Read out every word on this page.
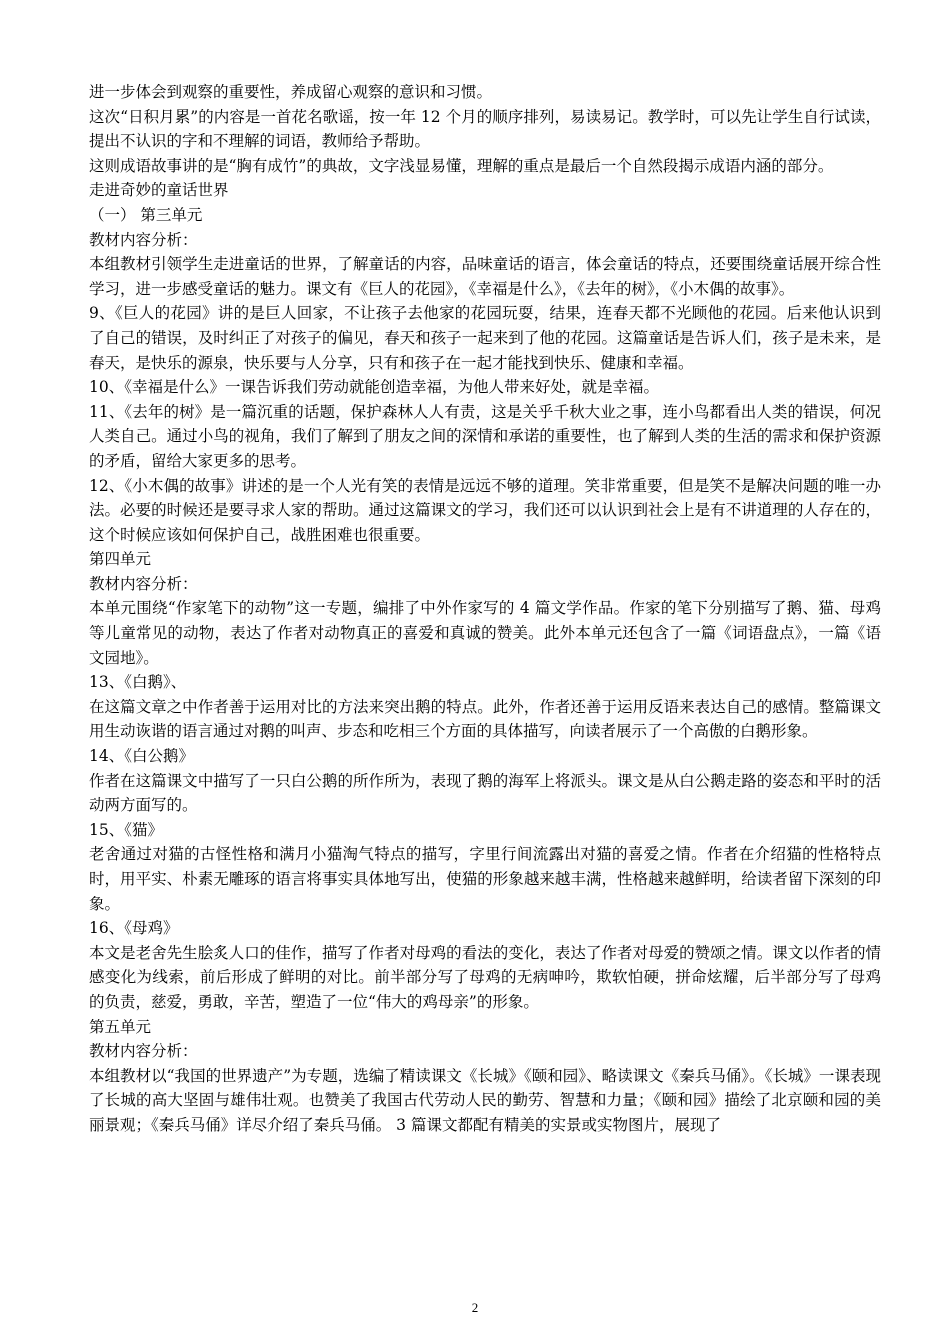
进一步体会到观察的重要性，养成留心观察的意识和习惯。

这次“日积月累”的内容是一首花名歌谣，按一年 12 个月的顺序排列，易读易记。教学时，可以先让学生自行试读，提出不认识的字和不理解的词语，教师给予帮助。

这则成语故事讲的是“胸有成竹”的典故，文字浅显易懂，理解的重点是最后一个自然段揭示成语内涵的部分。

走进奇妙的童话世界

（一） 第三单元

教材内容分析：

本组教材引领学生走进童话的世界，了解童话的内容，品味童话的语言，体会童话的特点，还要围绕童话展开综合性学习，进一步感受童话的魅力。课文有《巨人的花园》，《幸福是什么》，《去年的树》，《小木偶的故事》。

9、《巨人的花园》讲的是巨人回家，不让孩子去他家的花园玩耍，结果，连春天都不光顾他的花园。后来他认识到了自己的错误，及时纠正了对孩子的偏见，春天和孩子一起来到了他的花园。这篇童话是告诉人们，孩子是未来，是春天，是快乐的源泉，快乐要与人分享，只有和孩子在一起才能找到快乐、健康和幸福。

10、《幸福是什么》一课告诉我们劳动就能创造幸福，为他人带来好处，就是幸福。

11、《去年的树》是一篇沉重的话题，保护森林人人有责，这是关乎千秋大业之事，连小鸟都看出人类的错误，何况人类自己。通过小鸟的视角，我们了解到了朋友之间的深情和承诺的重要性，也了解到人类的生活的需求和保护资源的矛盾，留给大家更多的思考。

12、《小木偶的故事》讲述的是一个人光有笑的表情是远远不够的道理。笑非常重要，但是笑不是解决问题的唯一办法。必要的时候还是要寻求人家的帮助。通过这篇课文的学习，我们还可以认识到社会上是有不讲道理的人存在的，这个时候应该如何保护自己，战胜困难也很重要。

第四单元

教材内容分析：

本单元围绕“作家笔下的动物”这一专题，编排了中外作家写的 4 篇文学作品。作家的笔下分别描写了鹅、猫、母鸡等儿童常见的动物，表达了作者对动物真正的喜爱和真诚的赞美。此外本单元还包含了一篇《词语盘点》，一篇《语文园地》。

13、《白鹅》、

在这篇文章之中作者善于运用对比的方法来突出鹅的特点。此外，作者还善于运用反语来表达自己的感情。整篇课文用生动诙谐的语言通过对鹅的叫声、步态和吃相三个方面的具体描写，向读者展示了一个高傲的白鹅形象。

14、《白公鹅》

作者在这篇课文中描写了一只白公鹅的所作所为，表现了鹅的海军上将派头。课文是从白公鹅走路的姿态和平时的活动两方面写的。

15、《猫》

老舍通过对猫的古怪性格和满月小猫淘气特点的描写，字里行间流露出对猫的喜爱之情。作者在介绍猫的性格特点时，用平实、朴素无雕琢的语言将事实具体地写出，使猫的形象越来越丰满，性格越来越鲜明，给读者留下深刻的印象。

16、《母鸡》

本文是老舍先生脍炙人口的佳作，描写了作者对母鸡的看法的变化，表达了作者对母爱的赞颂之情。课文以作者的情感变化为线索，前后形成了鲜明的对比。前半部分写了母鸡的无病呻吟，欺软怕硬，拼命炫耀，后半部分写了母鸡 的负责，慈爱，勇敢，辛苦，塑造了一位“伟大的鸡母亲”的形象。

第五单元

教材内容分析：

本组教材以“我国的世界遗产”为专题，选编了精读课文《长城》《颐和园》、略读课文《秦兵马俑》。《长城》一课表现了长城的高大坚固与雄伟壮观。也赞美了我国古代劳动人民的勤劳、智慧和力量；《颐和园》描绘了北京颐和园的美丽景观；《秦兵马俑》详尽介绍了秦兵马俑。 3 篇课文都配有精美的实景或实物图片，展现了

2
